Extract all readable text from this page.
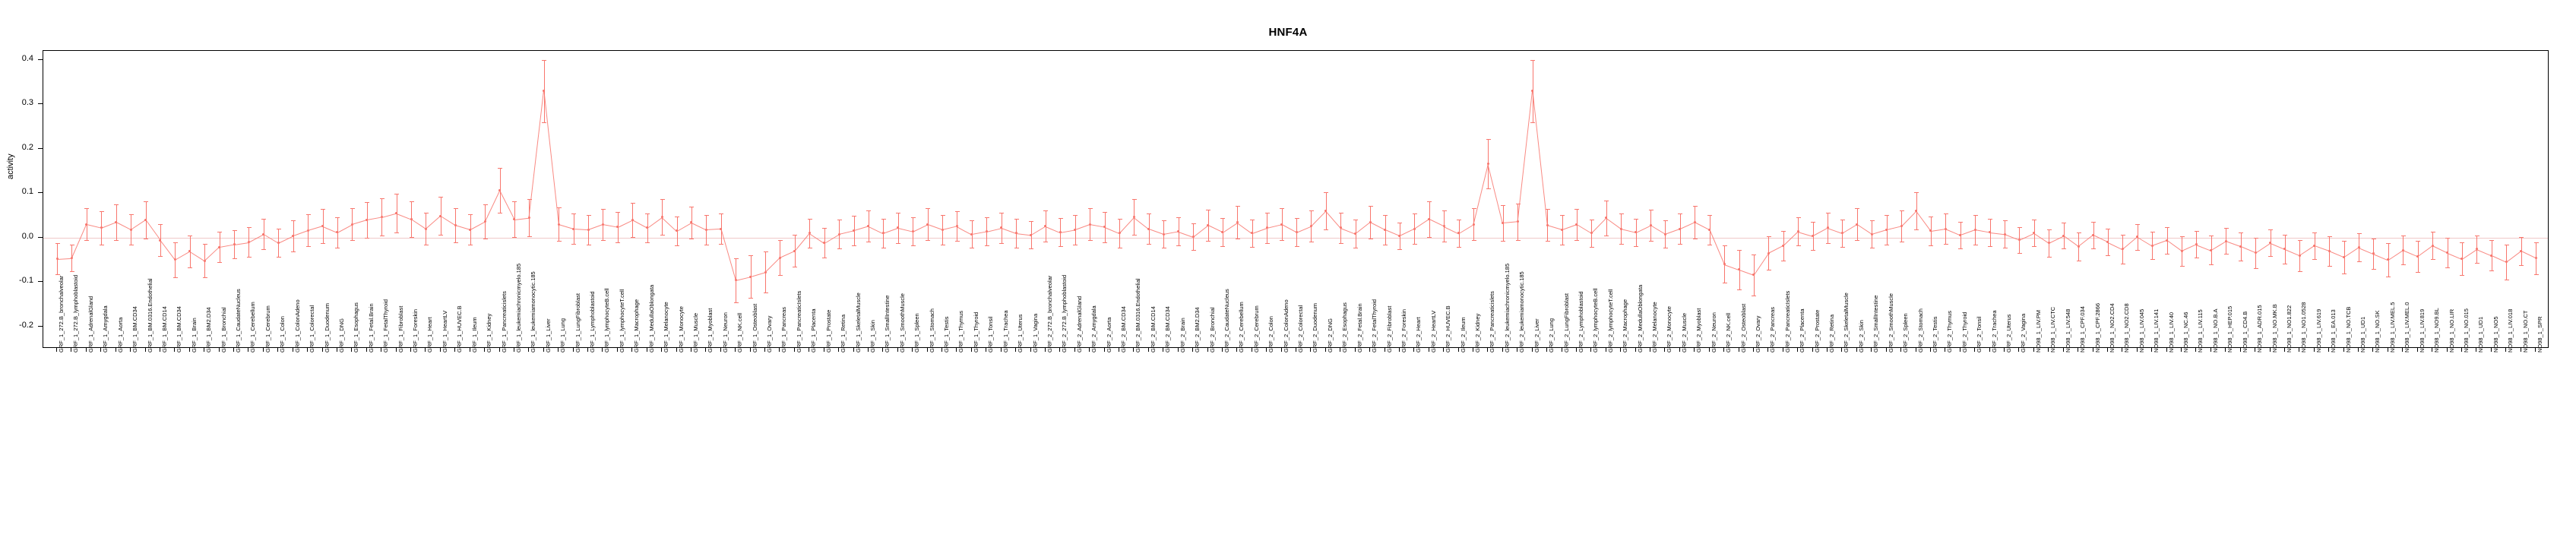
HNF4A
activity
-0.2
-0.1
0.0
0.1
0.2
0.3
0.4
GRF_1_272.B_bronchalveolar GRF_1_272.B_lymphoblastoid GRF_1_AdrenalGland GRF_1_Amygdala GRF_1_Aorta GRF_1_BM.CD34 GRF_1_BM.0316.Endothelial GRF_1_BM.CD14 GRF_1_BM.CD34 GRF_1_Brain GRF_1_BM2.D34 GRF_1_Bronchial GRF_1_CaudateNucleus GRF_1_Cerebellum GRF_1_Cerebrum GRF_1_Colon GRF_1_ColonAdeno GRF_1_Colorectal GRF_1_Duodenum GRF_1_DNG GRF_1_Esophagus GRF_1_Fetal.Brain GRF_1_FetalThyroid GRF_1_Fibroblast GRF_1_Foreskin GRF_1_Heart GRF_1_HeartLV GRF_1_HUVEC.B GRF_1_Ileum GRF_1_Kidney GRF_1_Pancreaticislets GRF_1_leukemiachronicmyelo.185 GRF_1_leukemiamonocytic.185 GRF_1_Liver GRF_1_Lung GRF_1_LungFibroblast GRF_1_Lymphoblastoid GRF_1_lymphocyteB.cell GRF_1_lymphocyteT.cell GRF_1_Macrophage GRF_1_MedullaOblongata GRF_1_Melanocyte GRF_1_Monocyte GRF_1_Muscle GRF_1_Myoblast GRF_1_Neuron GRF_1_NK.cell GRF_1_Osteoblast GRF_1_Ovary GRF_1_Pancreas GRF_1_PancreaticIslets GRF_1_Placenta GRF_1_Prostate GRF_1_Retina GRF_1_SkeletalMuscle GRF_1_Skin GRF_1_SmallIntestine GRF_1_SmoothMuscle GRF_1_Spleen GRF_1_Stomach GRF_1_Testis GRF_1_Thymus GRF_1_Thyroid GRF_1_Tonsil GRF_1_Trachea GRF_1_Uterus GRF_1_Vagina GRF_2_272.B_bronchalveolar GRF_2_272.B_lymphoblastoid GRF_2_AdrenalGland GRF_2_Amygdala GRF_2_Aorta GRF_2_BM.CD34 GRF_2_BM.0316.Endothelial GRF_2_BM.CD14 GRF_2_BM.CD34 GRF_2_Brain GRF_2_BM2.D34 GRF_2_Bronchial GRF_2_CaudateNucleus GRF_2_Cerebellum GRF_2_Cerebrum GRF_2_Colon GRF_2_ColonAdeno GRF_2_Colorectal GRF_2_Duodenum GRF_2_DNG GRF_2_Esophagus GRF_2_Fetal.Brain GRF_2_FetalThyroid GRF_2_Fibroblast GRF_2_Foreskin GRF_2_Heart GRF_2_HeartLV GRF_2_HUVEC.B GRF_2_Ileum GRF_2_Kidney GRF_2_Pancreaticislets GRF_2_leukemiachronicmyelo.185 GRF_2_leukemiamonocytic.185 GRF_2_Liver GRF_2_Lung GRF_2_LungFibroblast GRF_2_Lymphoblastoid GRF_2_lymphocyteB.cell GRF_2_lymphocyteT.cell GRF_2_Macrophage GRF_2_MedullaOblongata GRF_2_Melanocyte GRF_2_Monocyte GRF_2_Muscle GRF_2_Myoblast GRF_2_Neuron GRF_2_NK.cell GRF_2_Osteoblast GRF_2_Ovary GRF_2_Pancreas GRF_2_PancreaticIslets GRF_2_Placenta GRF_2_Prostate GRF_2_Retina GRF_2_SkeletalMuscle GRF_2_Skin GRF_2_SmallIntestine GRF_2_SmoothMuscle GRF_2_Spleen GRF_2_Stomach GRF_2_Testis GRF_2_Thymus GRF_2_Thyroid GRF_2_Tonsil GRF_2_Trachea GRF_2_Uterus GRF_2_Vagina NO98_1_LIV.PM NO98_1_LIV.CTC NO98_1_LIV.548 NO98_1_CPF.034 NO98_1_CPF.2866 NO98_1_NO2.CD4 NO98_1_NO2.CD8 NO98_1_LIV.045 NO98_1_LIV.141 NO98_1_LIV.40 NO98_1_NC.46 NO98_1_LIV.115 NO98_1_NO.B.A NO98_1_HEP.015 NO98_1_CD4.B NO98_1_ADR.015 NO98_1_NO.MK.B NO98_1_NO1.822 NO98_1_NO1.0528 NO98_1_LIV.619 NO98_1_EA.013 NO98_1_NO.TCB NO98_1_UD1 NO98_1_NO.SK NO98_1_LIV.MEL.5 NO98_1_LIV.MEL.0 NO98_1_LIV.819 NO98_1_NO9.BL NO98_1_NO.LIR NO98_1_NO.015 NO98_1_UD1 NO98_1_NO5 NO98_1_LIV.018 NO98_1_NO.CT NO98_1_SPR
